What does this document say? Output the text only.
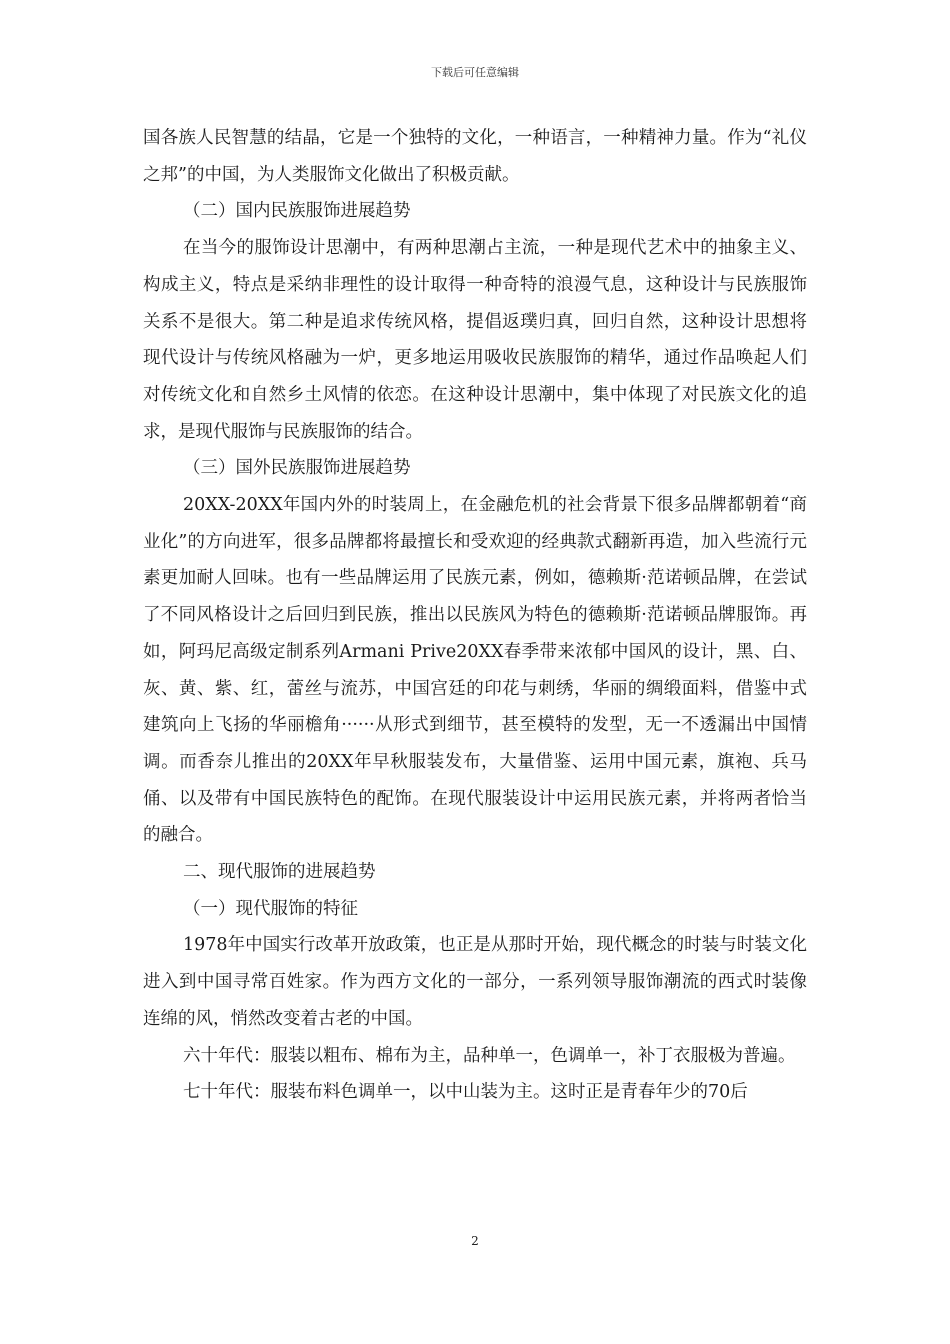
下载后可任意编辑

国各族人民智慧的结晶，它是一个独特的文化，一种语言，一种精神力量。作为“礼仪之邦”的中国，为人类服饰文化做出了积极贡献。

（二）国内民族服饰进展趋势

在当今的服饰设计思潮中，有两种思潮占主流，一种是现代艺术中的抽象主义、构成主义，特点是采纳非理性的设计取得一种奇特的浪漫气息，这种设计与民族服饰关系不是很大。第二种是追求传统风格，提倡返璞归真，回归自然，这种设计思想将现代设计与传统风格融为一炉，更多地运用吸收民族服饰的精华，通过作品唤起人们对传统文化和自然乡土风情的依恋。在这种设计思潮中，集中体现了对民族文化的追求，是现代服饰与民族服饰的结合。

（三）国外民族服饰进展趋势

20XX-20XX年国内外的时装周上，在金融危机的社会背景下很多品牌都朝着“商业化”的方向进军，很多品牌都将最擅长和受欢迎的经典款式翻新再造，加入些流行元素更加耐人回味。也有一些品牌运用了民族元素，例如，德赖斯·范诺顿品牌，在尝试了不同风格设计之后回归到民族，推出以民族风为特色的德赖斯·范诺顿品牌服饰。再如，阿玛尼高级定制系列Armani Prive20XX春季带来浓郁中国风的设计，黑、白、灰、黄、紫、红，蕾丝与流苏，中国宫廷的印花与刺绣，华丽的绸缎面料，借鉴中式建筑向上飞扬的华丽檐角······从形式到细节，甚至模特的发型，无一不透漏出中国情调。而香奈儿推出的20XX年早秋服装发布，大量借鉴、运用中国元素，旗袍、兵马俑、以及带有中国民族特色的配饰。在现代服装设计中运用民族元素，并将两者恰当的融合。

二、现代服饰的进展趋势

（一）现代服饰的特征

1978年中国实行改革开放政策，也正是从那时开始，现代概念的时装与时装文化进入到中国寻常百姓家。作为西方文化的一部分，一系列领导服饰潮流的西式时装像连绵的风，悄然改变着古老的中国。

六十年代：服装以粗布、棉布为主，品种单一，色调单一，补丁衣服极为普遍。

七十年代：服装布料色调单一，以中山装为主。这时正是青春年少的70后

2
